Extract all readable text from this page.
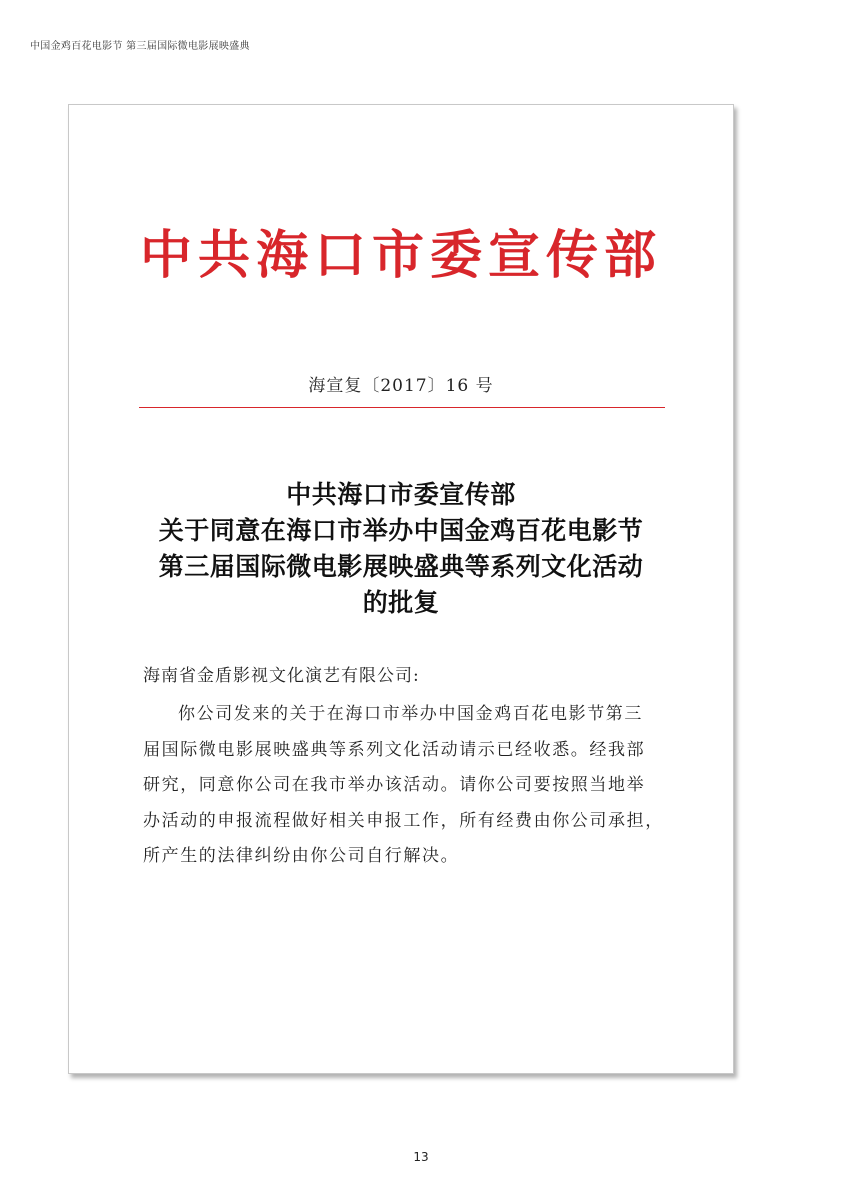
中国金鸡百花电影节 第三届国际微电影展映盛典
中共海口市委宣传部
海宣复〔2017〕16 号
中共海口市委宣传部
关于同意在海口市举办中国金鸡百花电影节
第三届国际微电影展映盛典等系列文化活动
的批复
海南省金盾影视文化演艺有限公司:
你公司发来的关于在海口市举办中国金鸡百花电影节第三
届国际微电影展映盛典等系列文化活动请示已经收悉。经我部
研究，同意你公司在我市举办该活动。请你公司要按照当地举
办活动的申报流程做好相关申报工作，所有经费由你公司承担，
所产生的法律纠纷由你公司自行解决。
13
